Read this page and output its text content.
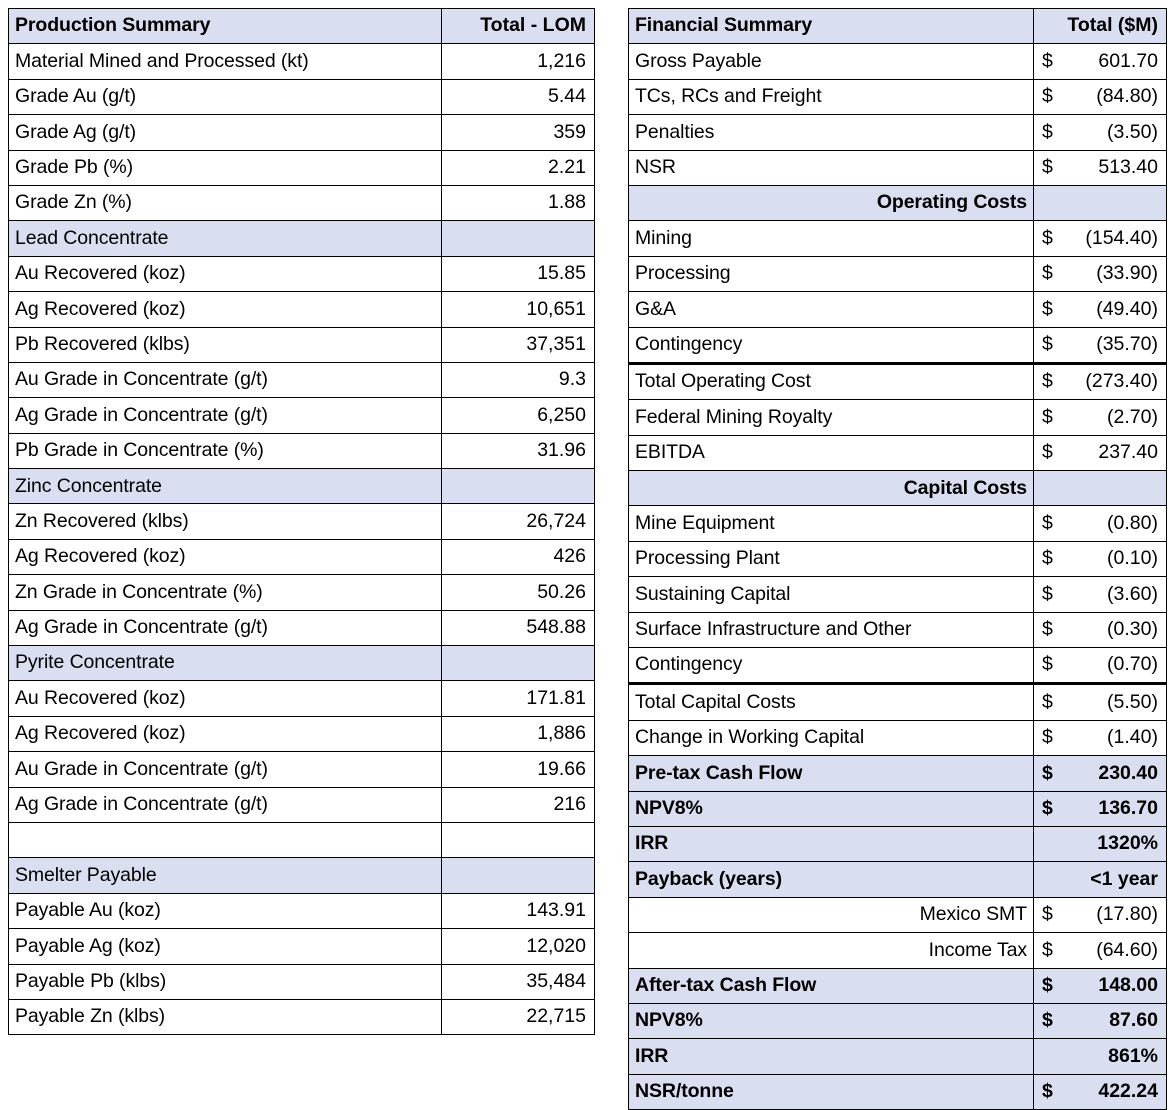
Production Summary	Total - LOM
Material Mined and Processed (kt)	1,216
Grade Au (g/t)	5.44
Grade Ag (g/t)	359
Grade Pb (%)	2.21
Grade Zn (%)	1.88
Lead Concentrate	
Au Recovered (koz)	15.85
Ag Recovered (koz)	10,651
Pb Recovered (klbs)	37,351
Au Grade in Concentrate (g/t)	9.3
Ag Grade in Concentrate (g/t)	6,250
Pb Grade in Concentrate (%)	31.96
Zinc Concentrate	
Zn Recovered (klbs)	26,724
Ag Recovered (koz)	426
Zn Grade in Concentrate (%)	50.26
Ag Grade in Concentrate (g/t)	548.88
Pyrite Concentrate	
Au Recovered (koz)	171.81
Ag Recovered (koz)	1,886
Au Grade in Concentrate (g/t)	19.66
Ag Grade in Concentrate (g/t)	216

Smelter Payable	
Payable Au (koz)	143.91
Payable Ag (koz)	12,020
Payable Pb (klbs)	35,484
Payable Zn (klbs)	22,715
Financial Summary	Total ($M)
Gross Payable	$ 601.70

TCs, RCs and Freight	$ (84.80)

Penalties	$ (3.50)

NSR	$ 513.40

Operating Costs	
Mining	$ (154.40)

Processing	$ (33.90)

G&A	$ (49.40)

Contingency	$ (35.70)

Total Operating Cost	$ (273.40)

Federal Mining Royalty	$ (2.70)

EBITDA	$ 237.40

Capital Costs	
Mine Equipment	$ (0.80)

Processing Plant	$ (0.10)

Sustaining Capital	$ (3.60)

Surface Infrastructure and Other	$ (0.30)

Contingency	$ (0.70)

Total Capital Costs	$ (5.50)

Change in Working Capital	$ (1.40)

Pre-tax Cash Flow	$ 230.40

NPV8%	$ 136.70

IRR	1320%
Payback (years)	<1 year
Mexico SMT	$ (17.80)

Income Tax	$ (64.60)

After-tax Cash Flow	$ 148.00

NPV8%	$ 87.60

IRR	861%
NSR/tonne	$ 422.24
